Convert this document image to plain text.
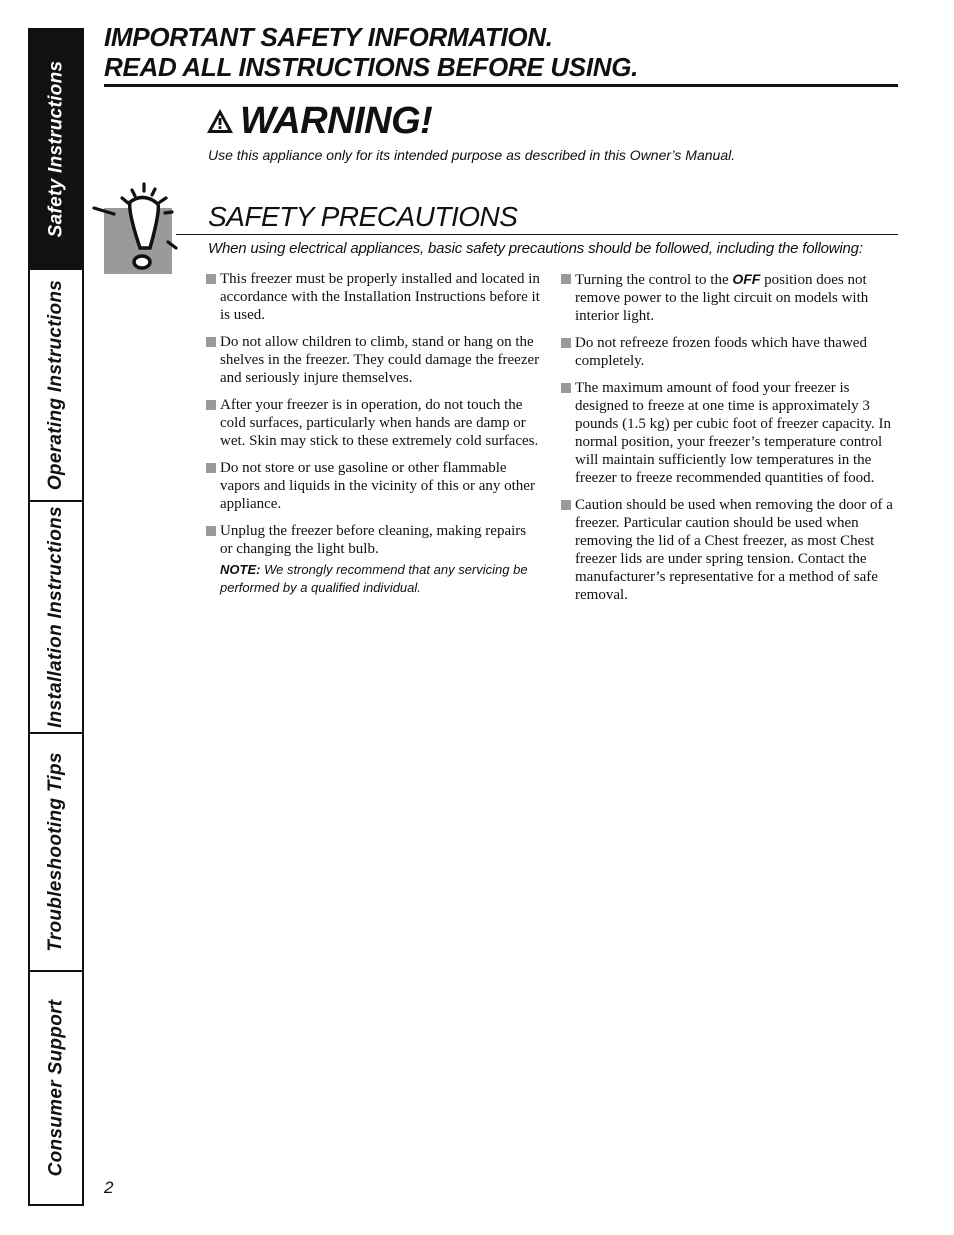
Safety Instructions
Operating Instructions
Installation Instructions
Troubleshooting Tips
Consumer Support
IMPORTANT SAFETY INFORMATION.
READ ALL INSTRUCTIONS BEFORE USING.
WARNING!
Use this appliance only for its intended purpose as described in this Owner’s Manual.
SAFETY PRECAUTIONS
When using electrical appliances, basic safety precautions should be followed, including the following:
This freezer must be properly installed and located in accordance with the Installation Instructions before it is used.
Do not allow children to climb, stand or hang on the shelves in the freezer. They could damage the freezer and seriously injure themselves.
After your freezer is in operation, do not touch the cold surfaces, particularly when hands are damp or wet. Skin may stick to these extremely cold surfaces.
Do not store or use gasoline or other flammable vapors and liquids in the vicinity of this or any other appliance.
Unplug the freezer before cleaning, making repairs or changing the light bulb.
NOTE: We strongly recommend that any servicing be performed by a qualified individual.
Turning the control to the OFF position does not remove power to the light circuit on models with interior light.
Do not refreeze frozen foods which have thawed completely.
The maximum amount of food your freezer is designed to freeze at one time is approximately 3 pounds (1.5 kg) per cubic foot of freezer capacity. In normal position, your freezer’s temperature control will maintain sufficiently low temperatures in the freezer to freeze recommended quantities of food.
Caution should be used when removing the door of a freezer. Particular caution should be used when removing the lid of a Chest freezer, as most Chest freezer lids are under spring tension. Contact the manufacturer’s representative for a method of safe removal.
2
